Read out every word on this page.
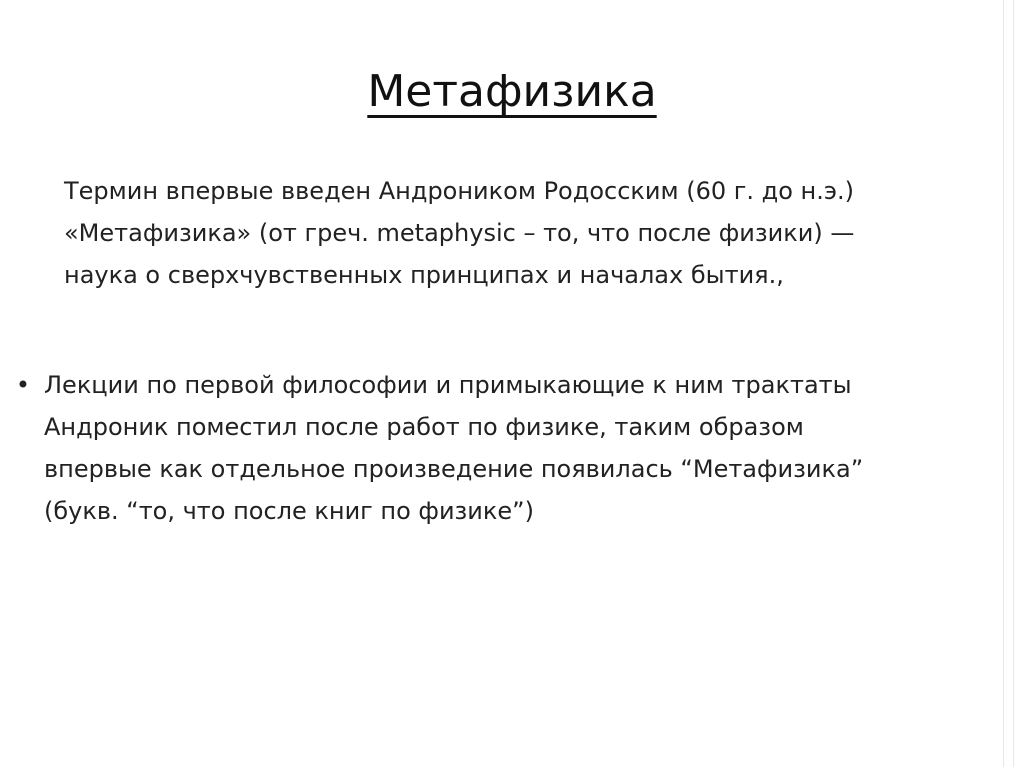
Метафизика
Термин впервые введен Андроником Родосским (60 г. до н.э.)
«Метафизика» (от греч. metaphysic – то, что после физики) —
наука о сверхчувственных принципах и началах бытия.,
• Лекции по первой философии и примыкающие к ним трактаты
Андроник поместил после работ по физике, таким образом
впервые как отдельное произведение появилась “Метафизика”
(букв. “то, что после книг по физике”)
